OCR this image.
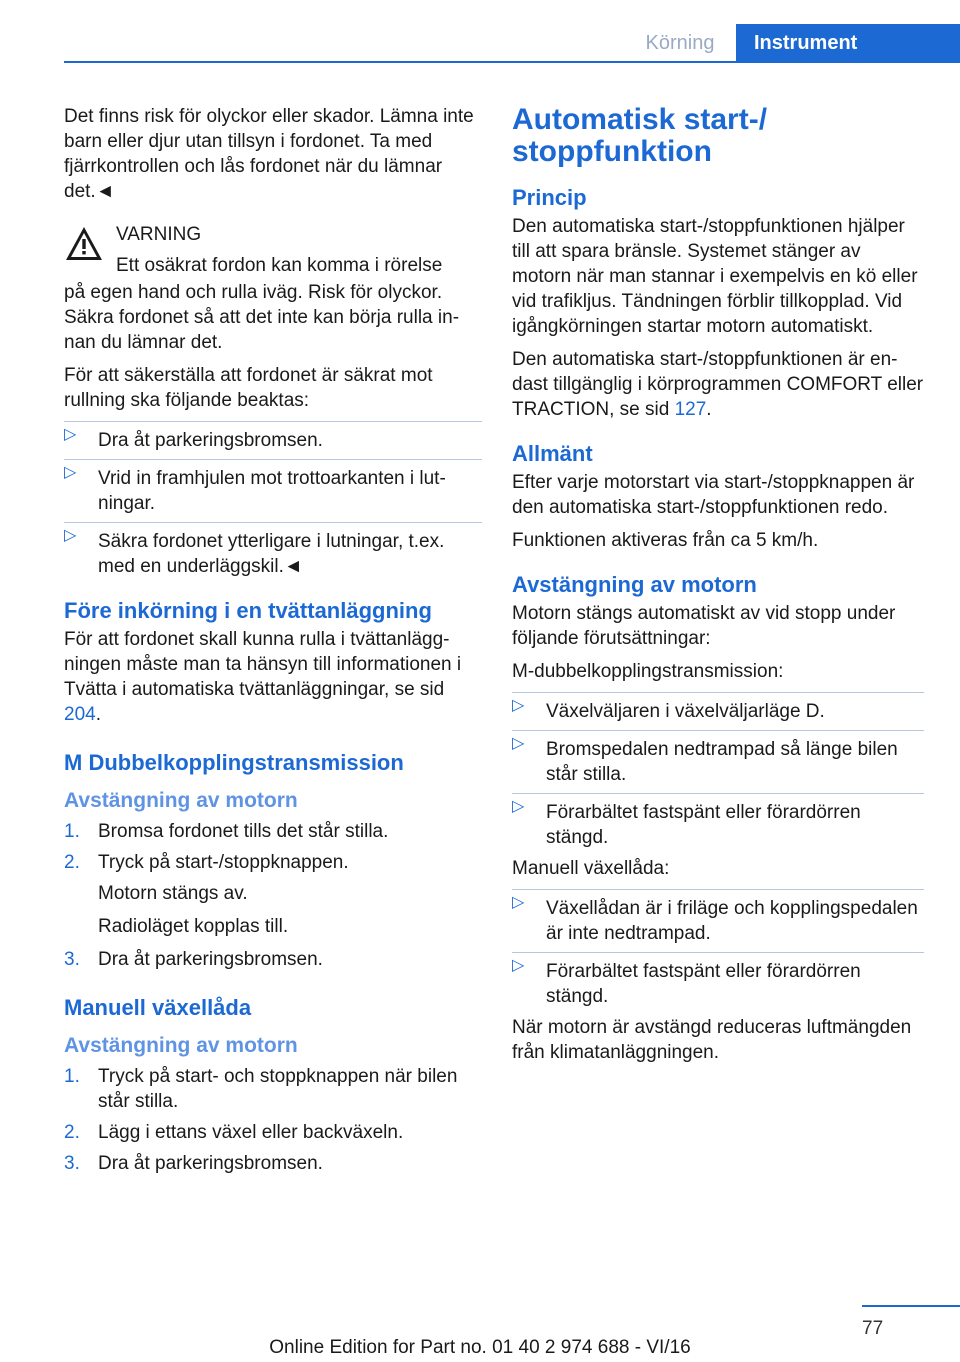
Körning	Instrument

Det finns risk för olyckor eller skador. Lämna inte barn eller djur utan tillsyn i fordonet. Ta med fjärrkontrollen och lås fordonet när du lämnar det.◄

VARNING
Ett osäkrat fordon kan komma i rörelse

på egen hand och rulla iväg. Risk för olyckor. Säkra fordonet så att det inte kan börja rulla innan du lämnar det.

För att säkerställa att fordonet är säkrat mot rullning ska följande beaktas:

▷ Dra åt parkeringsbromsen.
▷ Vrid in framhjulen mot trottoarkanten i lutningar.
▷ Säkra fordonet ytterligare i lutningar, t.ex. med en underläggskil.◄
Före inkörning i en tvättanläggning

För att fordonet skall kunna rulla i tvättanläggningen måste man ta hänsyn till informationen i Tvätta i automatiska tvättanläggningar, se sid 204.

M Dubbelkopplingstransmission
Avstängning av motorn
1. Bromsa fordonet tills det står stilla.
2. Tryck på start-/stoppknappen.
Motorn stängs av.
Radioläget kopplas till.
3. Dra åt parkeringsbromsen.
Manuell växellåda
Avstängning av motorn
1. Tryck på start- och stoppknappen när bilen står stilla.
2. Lägg i ettans växel eller backväxeln.
3. Dra åt parkeringsbromsen.
Automatisk start-/ stoppfunktion
Princip

Den automatiska start-/stoppfunktionen hjälper till att spara bränsle. Systemet stänger av motorn när man stannar i exempelvis en kö eller vid trafikljus. Tändningen förblir tillkopplad. Vid igångkörningen startar motorn automatiskt.

Den automatiska start-/stoppfunktionen är endast tillgänglig i körprogrammen COMFORT eller TRACTION, se sid 127.

Allmänt

Efter varje motorstart via start-/stoppknappen är den automatiska start-/stoppfunktionen redo.

Funktionen aktiveras från ca 5 km/h.

Avstängning av motorn

Motorn stängs automatiskt av vid stopp under följande förutsättningar:

M-dubbelkopplingstransmission:

▷ Växelväljaren i växelväljarläge D.
▷ Bromspedalen nedtrampad så länge bilen står stilla.
▷ Förarbältet fastspänt eller förardörren stängd.

Manuell växellåda:

▷ Växellådan är i friläge och kopplingspedalen är inte nedtrampad.
▷ Förarbältet fastspänt eller förardörren stängd.

När motorn är avstängd reduceras luftmängden från klimatanläggningen.

77
Online Edition for Part no. 01 40 2 974 688 - VI/16
